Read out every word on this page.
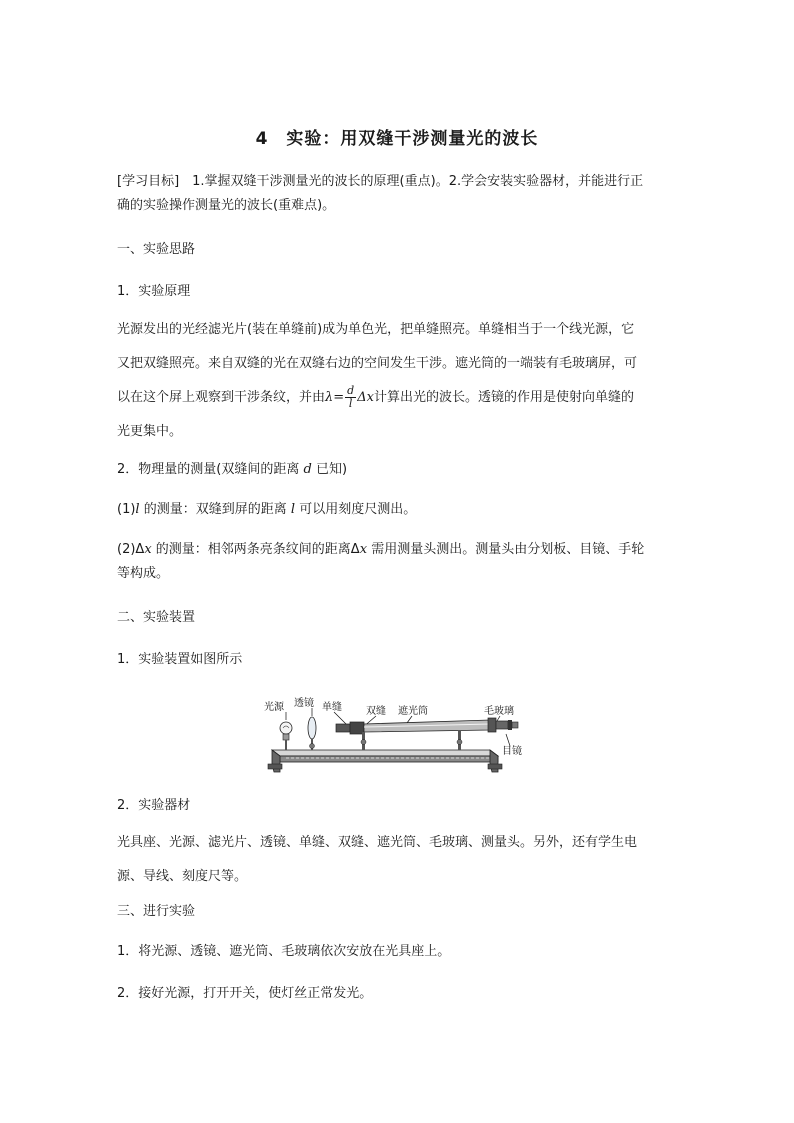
4 实验：用双缝干涉测量光的波长
[学习目标]　1.掌握双缝干涉测量光的波长的原理(重点)。2.学会安装实验器材，并能进行正
确的实验操作测量光的波长(重难点)。
一、实验思路
1．实验原理
光源发出的光经滤光片(装在单缝前)成为单色光，把单缝照亮。单缝相当于一个线光源，它
又把双缝照亮。来自双缝的光在双缝右边的空间发生干涉。遮光筒的一端装有毛玻璃屏，可
以在这个屏上观察到干涉条纹，并由$\lambda= \frac{d}{l}$ Δx计算出光的波长。透镜的作用是使射向单缝的
光更集中。
2．物理量的测量(双缝间的距离 d 已知)
(1)l 的测量：双缝到屏的距离 l 可以用刻度尺测出。
(2)Δx 的测量：相邻两条亮条纹间的距离Δx 需用测量头测出。测量头由分划板、目镜、手轮
等构成。
二、实验装置
1．实验装置如图所示
光源 透镜 单缝 双缝 遮光筒	毛玻璃
目镜
2．实验器材
光具座、光源、滤光片、透镜、单缝、双缝、遮光筒、毛玻璃、测量头。另外，还有学生电
源、导线、刻度尺等。
三、进行实验
1．将光源、透镜、遮光筒、毛玻璃依次安放在光具座上。
2．接好光源，打开开关，使灯丝正常发光。
